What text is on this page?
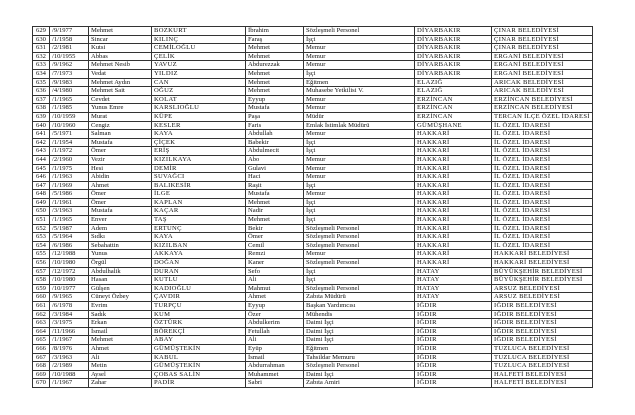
629	/9/1977	Mehmet	BOZKURT	İbrahim	Sözleşmeli Personel	DİYARBAKIR	ÇINAR BELEDİYESİ
630	/1/1958	Sincar	KILINÇ	Faraş	İşçi	DİYARBAKIR	ÇINAR BELEDİYESİ
631	/2/1981	Kutsi	CEMİLOĞLU	Mehmet	Memur	DİYARBAKIR	ÇINAR BELEDİYESİ
632	/10/1955	Abbas	ÇELİK	Mehmet	Memur	DİYARBAKIR	ERGANİ BELEDİYESİ
633	/9/1962	Mehmet Nesib	YAVUZ	Abdurezzak	Memur	DİYARBAKIR	ERGANİ BELEDİYESİ
634	/7/1973	Vedat	YILDIZ	Mehmet	İşçi	DİYARBAKIR	ERGANİ BELEDİYESİ
635	/9/1983	Mehmet Aydın	CAN	Mehmet	Eğitmen	ELAZIĞ	ARICAK BELEDİYESİ
636	/4/1980	Mehmet Sait	OĞUZ	Mehmet	Muhasebe Yetkilisi V.	ELAZIĞ	ARICAK BELEDİYESİ
637	/1/1965	Cevdet	KOLAT	Eyyup	Memur	ERZİNCAN	ERZİNCAN BELEDİYESİ
638	/1/1985	Yunus Emre	KARSLIOĞLU	Mustafa	Memur	ERZİNCAN	ERZİNCAN BELEDİYESİ
639	/10/1959	Murat	KÜPE	Paşa	Müdür	ERZİNCAN	TERCAN İLÇE ÖZEL İDARESİ
640	/10/1960	Cengiz	KESLER	Faris	Emlak İstimlak Müdürü	GÜMÜŞHANE	İL ÖZEL İDARESİ
641	/5/1971	Salman	KAYA	Abdullah	Memur	HAKKARİ	İL ÖZEL İDARESİ
642	/1/1954	Mustafa	ÇİÇEK	Babekir	İşçi	HAKKARİ	İL ÖZEL İDARESİ
643	/1/1972	Ömer	ERİŞ	Abdulmecit	İşçi	HAKKARİ	İL ÖZEL İDARESİ
644	/2/1960	Vezir	KIZILKAYA	Abo	Memur	HAKKARİ	İL ÖZEL İDARESİ
645	/1/1975	Hesi	DEMİR	Gulavi	Memur	HAKKARİ	İL ÖZEL İDARESİ
646	/1/1963	Abidin	SUVAĞCI	Haci	Memur	HAKKARİ	İL ÖZEL İDARESİ
647	/1/1969	Ahmet	BALIKESİR	Raşit	İşçi	HAKKARİ	İL ÖZEL İDARESİ
648	/5/1986	Ömer	İLGE	Mustafa	Memur	HAKKARİ	İL ÖZEL İDARESİ
649	/1/1961	Ömer	KAPLAN	Mehmet	İşçi	HAKKARİ	İL ÖZEL İDARESİ
650	/3/1963	Mustafa	KAÇAR	Nadir	İşçi	HAKKARİ	İL ÖZEL İDARESİ
651	/1/1965	Enver	TAŞ	Mehmet	İşçi	HAKKARİ	İL ÖZEL İDARESİ
652	/5/1987	Adem	ERTUNÇ	Bekir	Sözleşmeli Personel	HAKKARİ	İL ÖZEL İDARESİ
653	/5/1964	Sıdkı	KAYA	Ömer	Sözleşmeli Personel	HAKKARİ	İL ÖZEL İDARESİ
654	/6/1986	Sebahattin	KIZILBAN	Cemil	Sözleşmeli Personel	HAKKARİ	İL ÖZEL İDARESİ
655	/12/1988	Yunus	AKKAYA	Remzi	Memur	HAKKARİ	HAKKARİ BELEDİYESİ
656	/10/1980	Örgül	DOĞAN	Kaner	Sözleşmeli Personel	HAKKARİ	HAKKARİ BELEDİYESİ
657	/12/1972	Abdulhalik	DURAN	Sefo	İşçi	HATAY	BÜYÜKŞEHİR BELEDİYESİ
658	/10/1980	Hasan	KUTLU	Ali	İşçi	HATAY	BÜYÜKŞEHİR BELEDİYESİ
659	/10/1977	Gülşen	KADIOĞLU	Mahmut	Sözleşmeli Personel	HATAY	ARSUZ BELEDİYESİ
660	/9/1965	Cüneyt Özbey	ÇAVDIR	Ahmet	Zabıta Müdürü	HATAY	ARSUZ BELEDİYESİ
661	/6/1978	Evrim	TURPÇU	Eyyup	Başkan Yardımcısı	IĞDIR	IĞDIR BELEDİYESİ
662	/3/1984	Sadık	KUM	Özer	Mühendis	IĞDIR	IĞDIR BELEDİYESİ
663	/3/1975	Erkan	ÖZTÜRK	Abdulkerim	Daimi İşçi	IĞDIR	IĞDIR BELEDİYESİ
664	/11/1966	İsmail	BÖREKÇİ	Fetullah	Daimi İşçi	IĞDIR	IĞDIR BELEDİYESİ
665	/1/1967	Mehmet	ABAY	Ali	Daimi İşçi	IĞDIR	IĞDIR BELEDİYESİ
666	/8/1976	Ahmet	GÜMÜŞTEKİN	Eyüp	Eğitmen	IĞDIR	TUZLUCA BELEDİYESİ
667	/3/1963	Ali	KABUL	İsmail	Tahsildar Memuru	IĞDIR	TUZLUCA BELEDİYESİ
668	/2/1989	Metin	GÜMÜŞTEKİN	Abdurrahman	Sözleşmeli Personel	IĞDIR	TUZLUCA BELEDİYESİ
669	/10/1988	Aysel	ÇOBAS SALİN	Muhammet	Daimi İşçi	IĞDIR	HALFETİ BELEDİYESİ
670	/1/1967	Zahar	PADİR	Sabri	Zabıta Amiri	IĞDIR	HALFETİ BELEDİYESİ
